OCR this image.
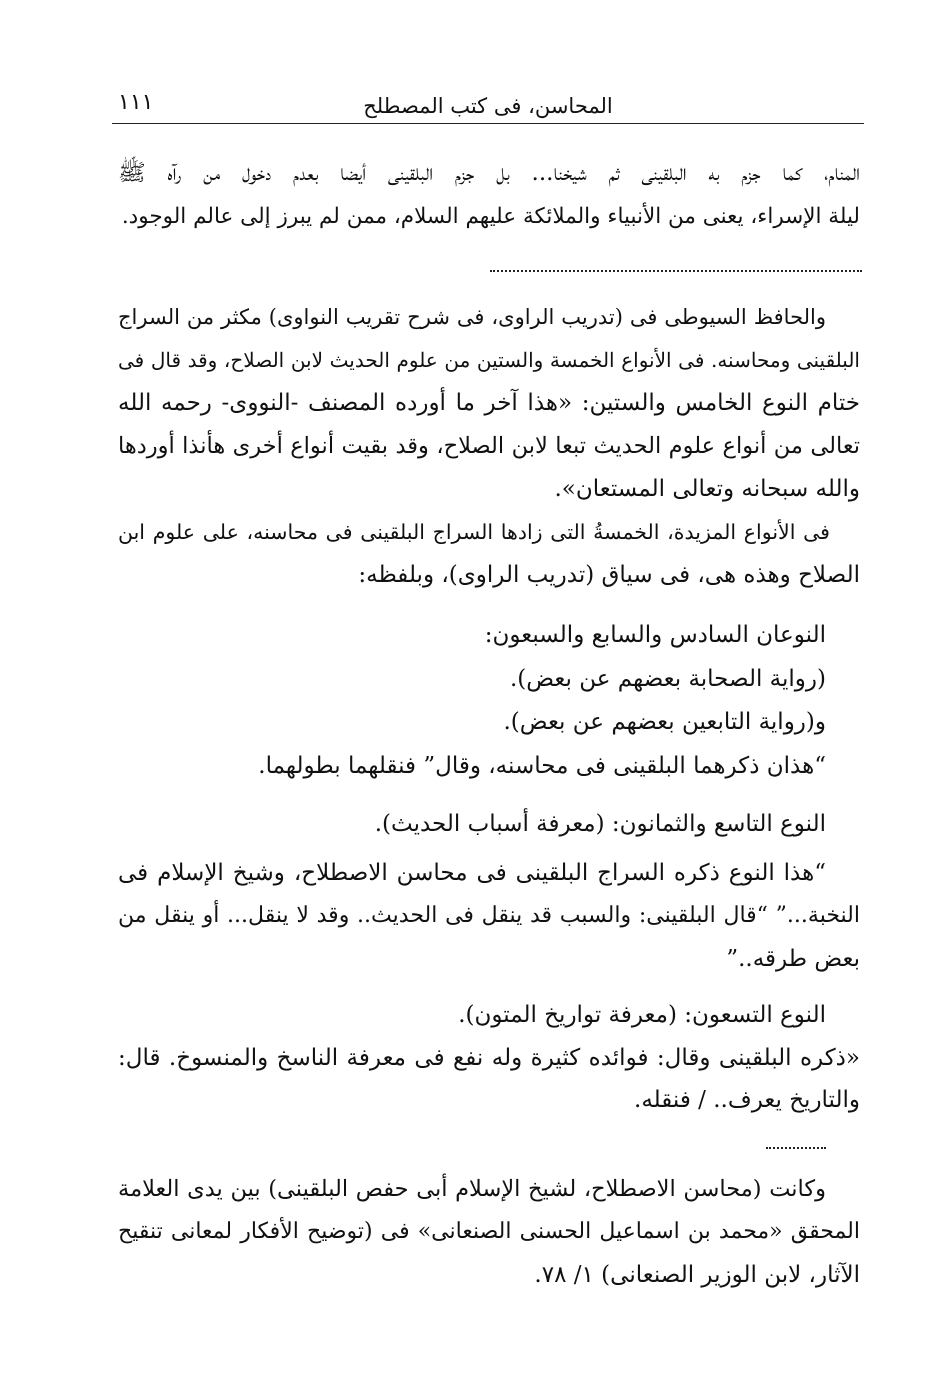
١١١	المحاسن، فى كتب المصطلح
المنام، كما جزم به البلقينى ثم شيخنا... بل جزم البلقينى أيضا بعدم دخول من رآه ﷺ
ليلة الإسراء، يعنى من الأنبياء والملائكة عليهم السلام، ممن لم يبرز إلى عالم الوجود.
والحافظ السيوطى فى (تدريب الراوى، فى شرح تقريب النواوى) مكثر من السراج
البلقينى ومحاسنه. فى الأنواع الخمسة والستين من علوم الحديث لابن الصلاح، وقد قال فى
ختام النوع الخامس والستين: «هذا آخر ما أورده المصنف -النووى- رحمه الله
تعالى من أنواع علوم الحديث تبعا لابن الصلاح، وقد بقيت أنواع أخرى هأنذا أوردها
والله سبحانه وتعالى المستعان».
فى الأنواع المزيدة، الخمسةُ التى زادها السراج البلقينى فى محاسنه، على علوم ابن
الصلاح وهذه هى، فى سياق (تدريب الراوى)، وبلفظه:
النوعان السادس والسابع والسبعون:
(رواية الصحابة بعضهم عن بعض).
و(رواية التابعين بعضهم عن بعض).
“هذان ذكرهما البلقينى فى محاسنه، وقال” فنقلهما بطولهما.
النوع التاسع والثمانون: (معرفة أسباب الحديث).
“هذا النوع ذكره السراج البلقينى فى محاسن الاصطلاح، وشيخ الإسلام فى
النخبة...” “قال البلقينى: والسبب قد ينقل فى الحديث.. وقد لا ينقل... أو ينقل من
بعض طرقه..”
النوع التسعون: (معرفة تواريخ المتون).
«ذكره البلقينى وقال: فوائده كثيرة وله نفع فى معرفة الناسخ والمنسوخ. قال:
والتاريخ يعرف.. / فنقله.
وكانت (محاسن الاصطلاح، لشيخ الإسلام أبى حفص البلقينى) بين يدى العلامة
المحقق «محمد بن اسماعيل الحسنى الصنعانى» فى (توضيح الأفكار لمعانى تنقيح
الآثار، لابن الوزير الصنعانى) ١/ ٧٨.
